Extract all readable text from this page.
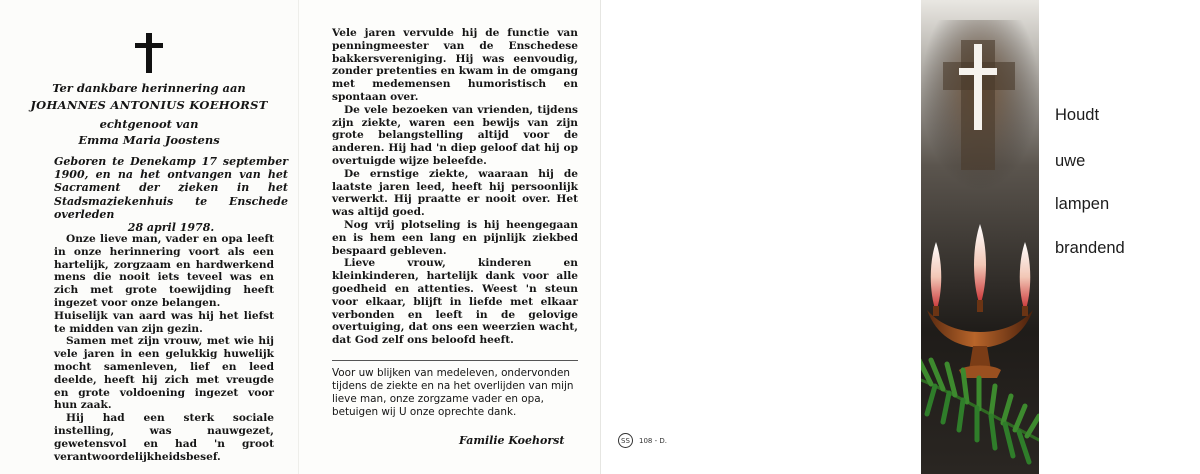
Ter dankbare herinnering aan
JOHANNES ANTONIUS KOEHORST
echtgenoot van
Emma Maria Joostens
Geboren te Denekamp 17 september 1900, en na het ontvangen van het Sacrament der zieken in het Stadsmaziekenhuis te Enschede overleden
28 april 1978.

Onze lieve man, vader en opa leeft in onze herinnering voort als een hartelijk, zorgzaam en hardwerkend mens die nooit iets teveel was en zich met grote toewijding heeft ingezet voor onze belangen.

Huiselijk van aard was hij het liefst te midden van zijn gezin.

Samen met zijn vrouw, met wie hij vele jaren in een gelukkig huwelijk mocht samenleven, lief en leed deelde, heeft hij zich met vreugde en grote voldoening ingezet voor hun zaak.

Hij had een sterk sociale instelling, was nauwgezet, gewetensvol en had 'n groot verantwoordelijkheidsbesef.

Vele jaren vervulde hij de functie van penningmeester van de Enschedese bakkersvereniging. Hij was eenvoudig, zonder pretenties en kwam in de omgang met medemensen humoristisch en spontaan over.

De vele bezoeken van vrienden, tijdens zijn ziekte, waren een bewijs van zijn grote belangstelling altijd voor de anderen. Hij had 'n diep geloof dat hij op overtuigde wijze beleefde.

De ernstige ziekte, waaraan hij de laatste jaren leed, heeft hij persoonlijk verwerkt. Hij praatte er nooit over. Het was altijd goed.

Nog vrij plotseling is hij heengegaan en is hem een lang en pijnlijk ziekbed bespaard gebleven.

Lieve vrouw, kinderen en kleinkinderen, hartelijk dank voor alle goedheid en attenties. Weest 'n steun voor elkaar, blijft in liefde met elkaar verbonden en leeft in de gelovige overtuiging, dat ons een weerzien wacht, dat God zelf ons beloofd heeft.

Voor uw blijken van medeleven, ondervonden tijdens de ziekte en na het overlijden van mijn lieve man, onze zorgzame vader en opa, betuigen wij U onze oprechte dank.
Familie Koehorst	SS	108 - D.
Houdt
uwe
lampen
brandend
